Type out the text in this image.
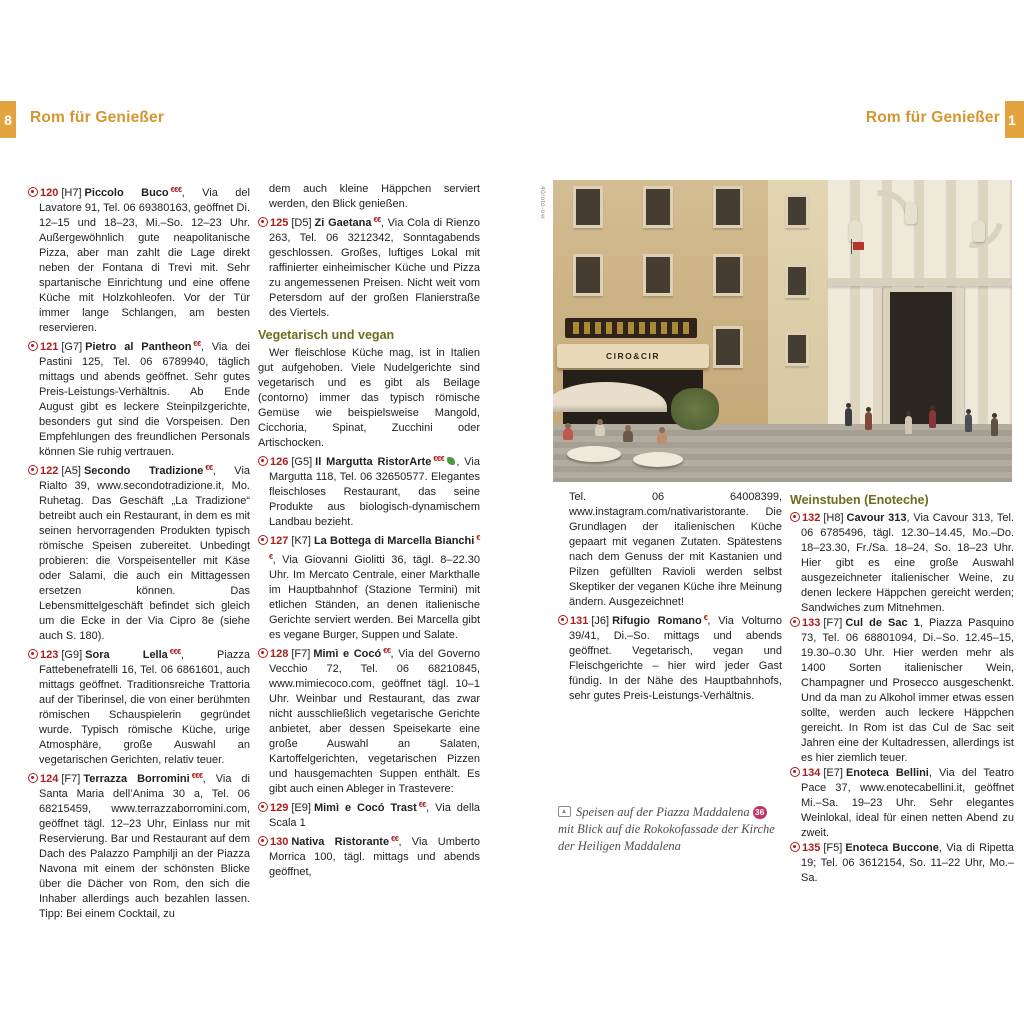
8 Rom für Genießer	Rom für Genießer 1

120 [H7] Piccolo Buco €€€, Via del Lavatore 91, Tel. 06 69380163, geöffnet Di. 12–15 und 18–23, Mi.–So. 12–23 Uhr. Außergewöhnlich gute neapolitanische Pizza, aber man zahlt die Lage direkt neben der Fontana di Trevi mit. Sehr spartanische Einrichtung und eine offene Küche mit Holzkohleofen. Vor der Tür immer lange Schlangen, am besten reservieren.

121 [G7] Pietro al Pantheon €€, Via dei Pastini 125, Tel. 06 6789940, täglich mittags und abends geöffnet. Sehr gutes Preis-Leistungs-Verhältnis. Ab Ende August gibt es leckere Steinpilzgerichte, besonders gut sind die Vorspeisen. Den Empfehlungen des freundlichen Personals können Sie ruhig vertrauen.

122 [A5] Secondo Tradizione €€, Via Rialto 39, www.secondotradizione.it, Mo. Ruhetag. Das Geschäft „La Tradizione“ betreibt auch ein Restaurant, in dem es mit seinen hervorragenden Produkten typisch römische Speisen zubereitet. Unbedingt probieren: die Vorspeisenteller mit Käse oder Salami, die auch ein Mittagessen ersetzen können. Das Lebensmittelgeschäft befindet sich gleich um die Ecke in der Via Cipro 8e (siehe auch S. 180).

123 [G9] Sora Lella €€€, Piazza Fattebenefratelli 16, Tel. 06 6861601, auch mittags geöffnet. Traditionsreiche Trattoria auf der Tiberinsel, die von einer berühmten römischen Schauspielerin gegründet wurde. Typisch römische Küche, urige Atmosphäre, große Auswahl an vegetarischen Gerichten, relativ teuer.

124 [F7] Terrazza Borromini €€€, Via di Santa Maria dell’Anima 30 a, Tel. 06 68215459, www.terrazzaborromini.com, geöffnet tägl. 12–23 Uhr, Einlass nur mit Reservierung. Bar und Restaurant auf dem Dach des Palazzo Pamphilji an der Piazza Navona mit einem der schönsten Blicke über die Dächer von Rom, den sich die Inhaber allerdings auch bezahlen lassen. Tipp: Bei einem Cocktail, zu

dem auch kleine Häppchen serviert werden, den Blick genießen.

125 [D5] Zi Gaetana €€, Via Cola di Rienzo 263, Tel. 06 3212342, Sonntagabends geschlossen. Großes, luftiges Lokal mit raffinierter einheimischer Küche und Pizza zu angemessenen Preisen. Nicht weit vom Petersdom auf der großen Flanierstraße des Viertels.

Vegetarisch und vegan

Wer fleischlose Küche mag, ist in Italien gut aufgehoben. Viele Nudelgerichte sind vegetarisch und es gibt als Beilage (contorno) immer das typisch römische Gemüse wie beispielsweise Mangold, Cicchoria, Spinat, Zucchini oder Artischocken.

126 [G5] Il Margutta RistorArte €€€ , Via Margutta 118, Tel. 06 32650577. Elegantes fleischloses Restaurant, das seine Produkte aus biologisch-dynamischem Landbau bezieht.

127 [K7] La Bottega di Marcella Bianchi €€, Via Giovanni Giolitti 36, tägl. 8–22.30 Uhr. Im Mercato Centrale, einer Markthalle im Hauptbahnhof (Stazione Termini) mit etlichen Ständen, an denen italienische Gerichte serviert werden. Bei Marcella gibt es vegane Burger, Suppen und Salate.

128 [F7] Mimì e Cocó €€, Via del Governo Vecchio 72, Tel. 06 68210845, www.mimiecoco.com, geöffnet tägl. 10–1 Uhr. Weinbar und Restaurant, das zwar nicht ausschließlich vegetarische Gerichte anbietet, aber dessen Speisekarte eine große Auswahl an Salaten, Kartoffelgerichten, vegetarischen Pizzen und hausgemachten Suppen enthält. Es gibt auch einen Ableger in Trastevere:

129 [E9] Mimì e Cocó Trast €€, Via della Scala 1

130 Nativa Ristorante €€, Via Umberto Morrica 100, tägl. mittags und abends geöffnet,

40/oto-ow
CIRO&CIR

Tel. 06 64008399, www.instagram.com/nativaristorante. Die Grundlagen der italienischen Küche gepaart mit veganen Zutaten. Spätestens nach dem Genuss der mit Kastanien und Pilzen gefüllten Ravioli werden selbst Skeptiker der veganen Küche ihre Meinung ändern. Ausgezeichnet!

131 [J6] Rifugio Romano €, Via Volturno 39/41, Di.–So. mittags und abends geöffnet. Vegetarisch, vegan und Fleischgerichte – hier wird jeder Gast fündig. In der Nähe des Hauptbahnhofs, sehr gutes Preis-Leistungs-Verhältnis.

Speisen auf der Piazza Maddalena 36 mit Blick auf die Rokokofassade der Kirche der Heiligen Maddalena

Weinstuben (Enoteche)

132 [H8] Cavour 313, Via Cavour 313, Tel. 06 6785496, tägl. 12.30–14.45, Mo.–Do. 18–23.30, Fr./Sa. 18–24, So. 18–23 Uhr. Hier gibt es eine große Auswahl ausgezeichneter italienischer Weine, zu denen leckere Häppchen gereicht werden; Sandwiches zum Mitnehmen.

133 [F7] Cul de Sac 1, Piazza Pasquino 73, Tel. 06 68801094, Di.–So. 12.45–15, 19.30–0.30 Uhr. Hier werden mehr als 1400 Sorten italienischer Wein, Champagner und Prosecco ausgeschenkt. Und da man zu Alkohol immer etwas essen sollte, werden auch leckere Häppchen gereicht. In Rom ist das Cul de Sac seit Jahren eine der Kultadressen, allerdings ist es hier ziemlich teuer.

134 [E7] Enoteca Bellini, Via del Teatro Pace 37, www.enotecabellini.it, geöffnet Mi.–Sa. 19–23 Uhr. Sehr elegantes Weinlokal, ideal für einen netten Abend zu zweit.

135 [F5] Enoteca Buccone, Via di Ripetta 19; Tel. 06 3612154, So. 11–22 Uhr, Mo.–Sa.
